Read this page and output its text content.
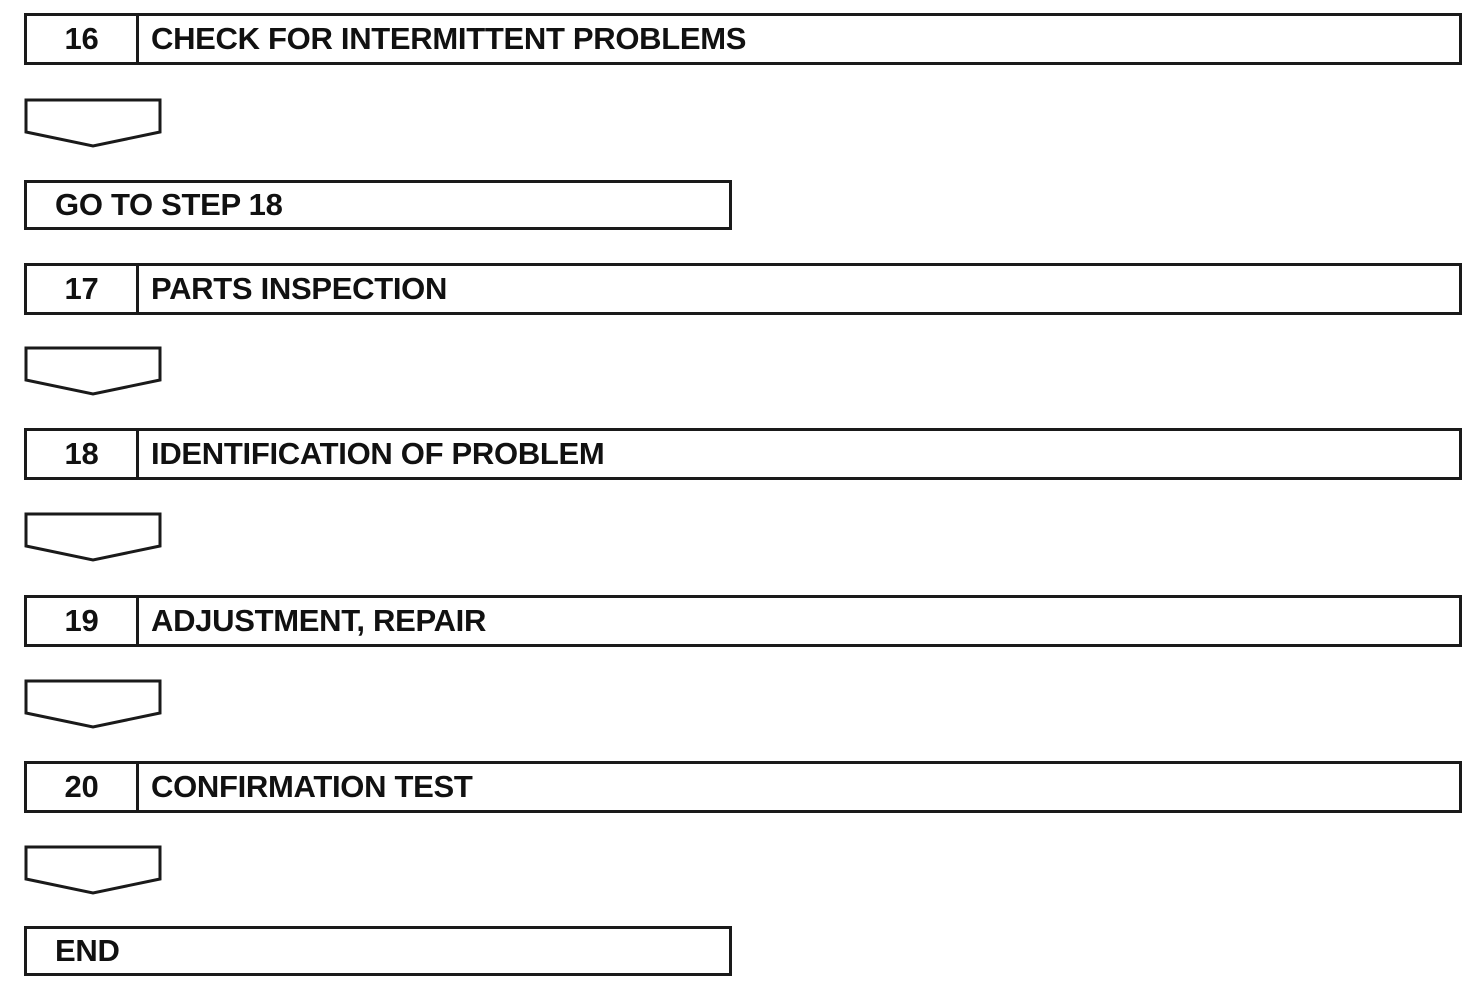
16	CHECK FOR INTERMITTENT PROBLEMS
GO TO STEP 18
17	PARTS INSPECTION
18	IDENTIFICATION OF PROBLEM
19	ADJUSTMENT, REPAIR
20	CONFIRMATION TEST
END
